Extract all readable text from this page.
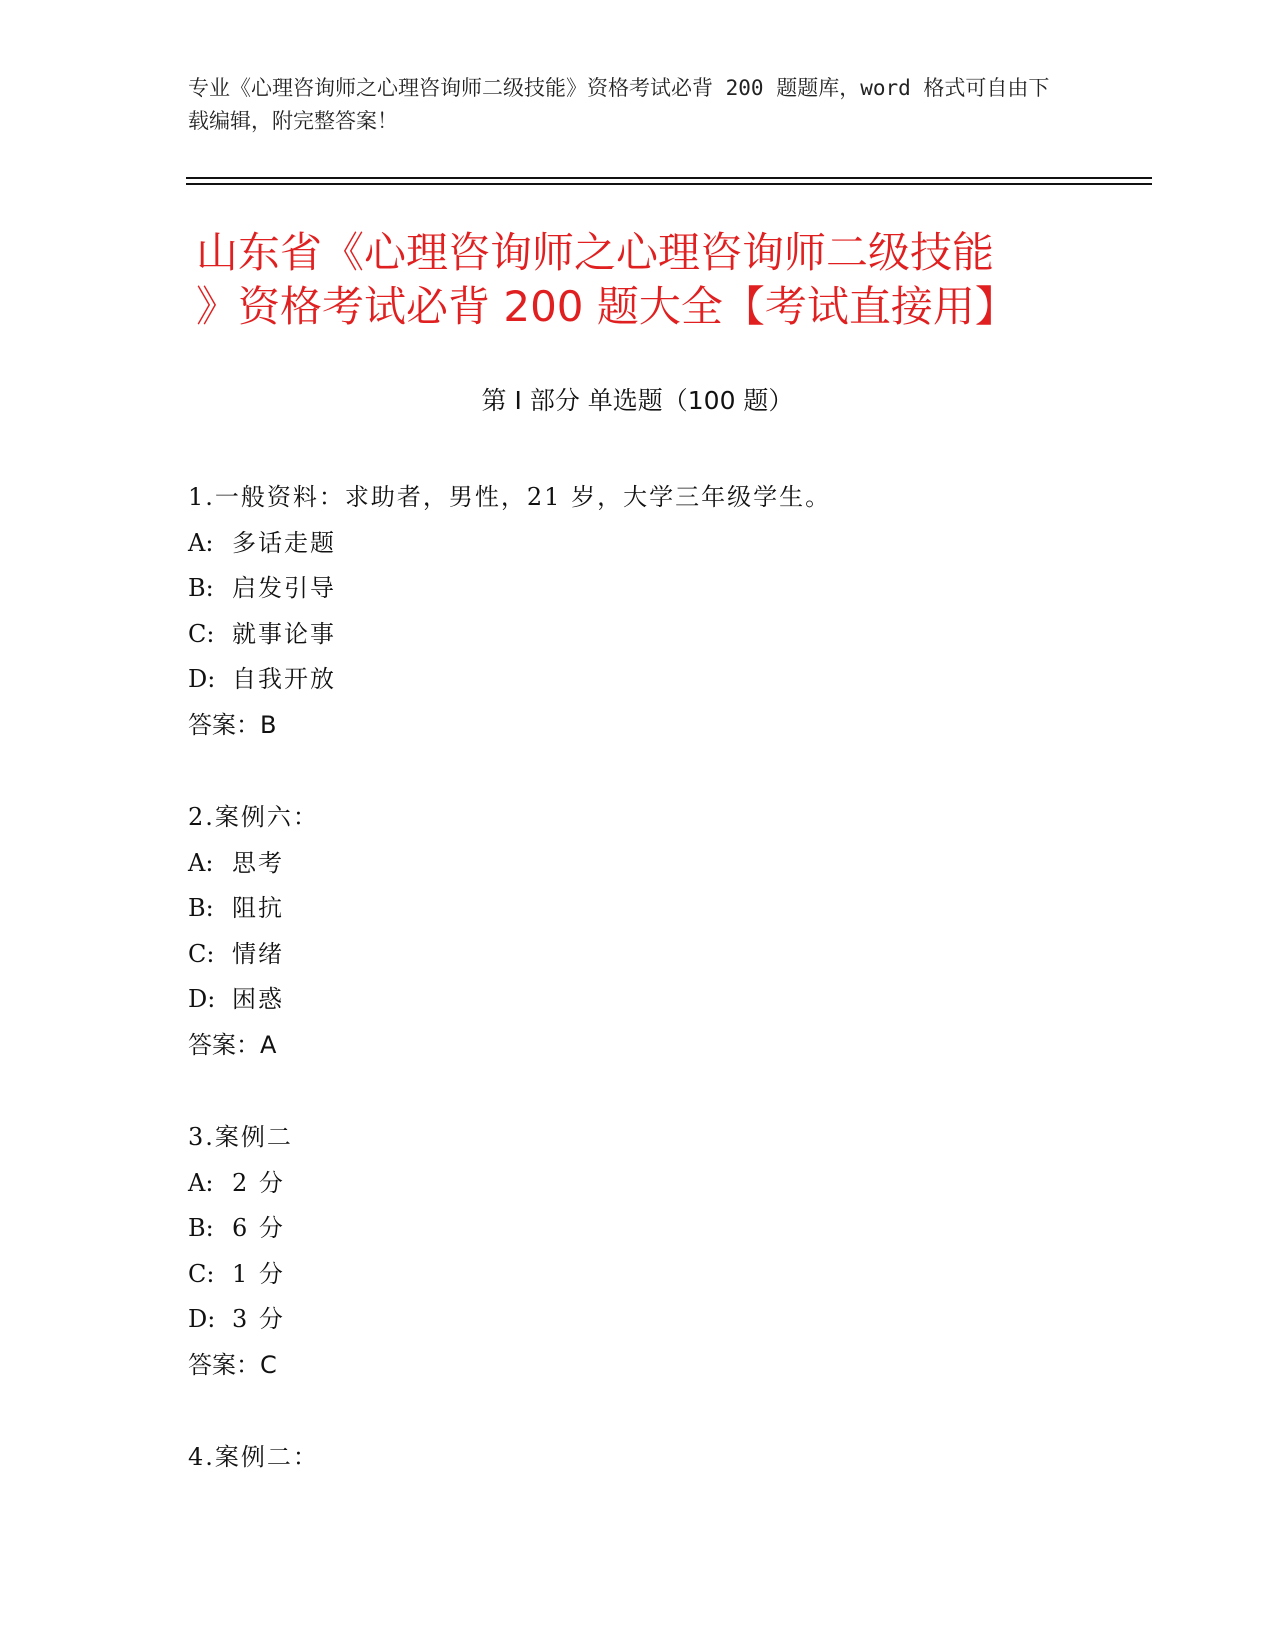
专业《心理咨询师之心理咨询师二级技能》资格考试必背 200 题题库，word 格式可自由下载编辑，附完整答案！
山东省《心理咨询师之心理咨询师二级技能
》资格考试必背 200 题大全【考试直接用】
第 I 部分 单选题（100 题）
1.一般资料：求助者，男性，21 岁，大学三年级学生。
A: 多话走题
B: 启发引导
C: 就事论事
D: 自我开放
答案：B
2.案例六：
A: 思考
B: 阻抗
C: 情绪
D: 困惑
答案：A
3.案例二
A: 2 分
B: 6 分
C: 1 分
D: 3 分
答案：C
4.案例二：
